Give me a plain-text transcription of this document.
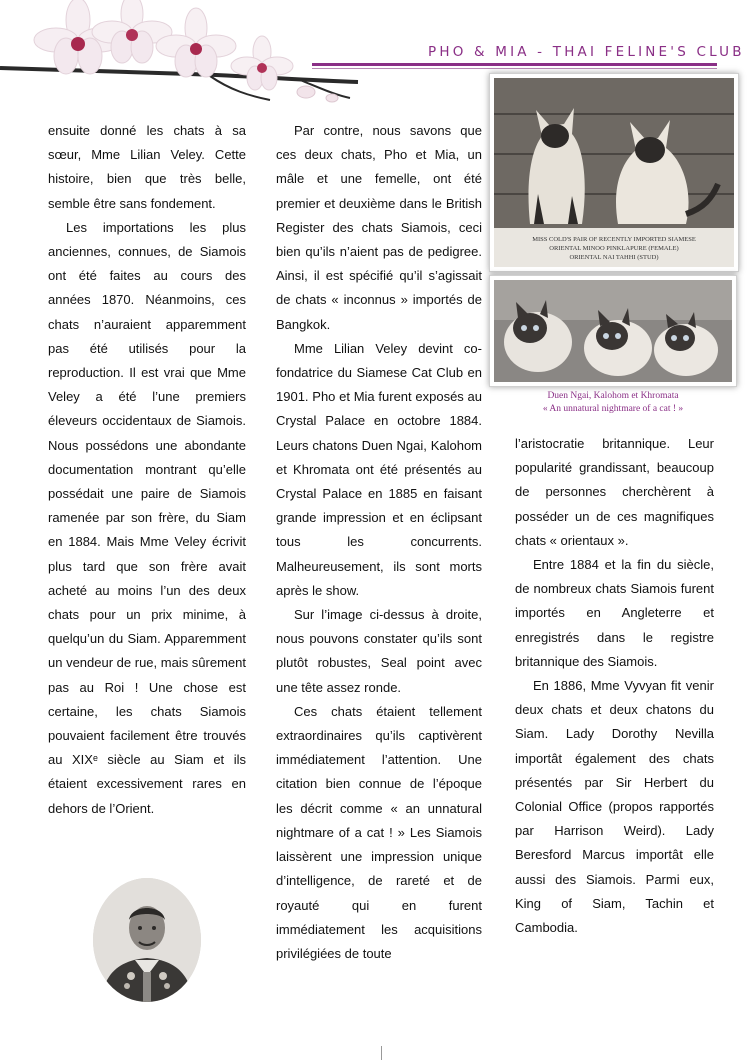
PHO & MIA - THAI FELINE'S CLUB
MISS COLD'S PAIR OF RECENTLY IMPORTED SIAMESE
ORIENTAL MINOO PINKLAPURE (FEMALE)
ORIENTAL NAI TAHHI (STUD)
Duen Ngai, Kalohom et Khromata
« An unnatural nightmare of a cat ! »

ensuite donné les chats à sa sœur, Mme Lilian Veley. Cette histoire, bien que très belle, semble être sans fondement.

Les importations les plus anciennes, connues, de Siamois ont été faites au cours des années 1870. Néanmoins, ces chats n’auraient apparemment pas été utilisés pour la reproduction. Il est vrai que Mme Veley a été l’une premiers éleveurs occidentaux de Siamois. Nous possédons une abondante documentation montrant qu’elle possédait une paire de Siamois ramenée par son frère, du Siam en 1884. Mais Mme Veley écrivit plus tard que son frère avait acheté au moins l’un des deux chats pour un prix minime, à quelqu’un du Siam. Apparemment un vendeur de rue, mais sûrement pas au Roi ! Une chose est certaine, les chats Siamois pouvaient facilement être trouvés au XIXᵉ siècle au Siam et ils étaient excessivement rares en dehors de l’Orient.

Par contre, nous savons que ces deux chats, Pho et Mia, un mâle et une femelle, ont été premier et deuxième dans le British Register des chats Siamois, ceci bien qu’ils n’aient pas de pedigree. Ainsi, il est spécifié qu’il s’agissait de chats « inconnus » importés de Bangkok.

Mme Lilian Veley devint co-fondatrice du Siamese Cat Club en 1901. Pho et Mia furent exposés au Crystal Palace en octobre 1884. Leurs chatons Duen Ngai, Kalohom et Khromata ont été présentés au Crystal Palace en 1885 en faisant grande impression et en éclipsant tous les concurrents. Malheureusement, ils sont morts après le show.

Sur l’image ci-dessus à droite, nous pouvons constater qu’ils sont plutôt robustes, Seal point avec une tête assez ronde.

Ces chats étaient tellement extraordinaires qu’ils captivèrent immédiatement l’attention. Une citation bien connue de l’époque les décrit comme « an unnatural nightmare of a cat ! » Les Siamois laissèrent une impression unique d’intelligence, de rareté et de royauté qui en furent immédiatement les acquisitions privilégiées de toute

l’aristocratie britannique. Leur popularité grandissant, beaucoup de personnes cherchèrent à posséder un de ces magnifiques chats « orientaux ».

Entre 1884 et la fin du siècle, de nombreux chats Siamois furent importés en Angleterre et enregistrés dans le registre britannique des Siamois.

En 1886, Mme Vyvyan fit venir deux chats et deux chatons du Siam. Lady Dorothy Nevilla importât également des chats présentés par Sir Herbert du Colonial Office (propos rapportés par Harrison Weird). Lady Beresford Marcus importât elle aussi des Siamois. Parmi eux, King of Siam, Tachin et Cambodia.
